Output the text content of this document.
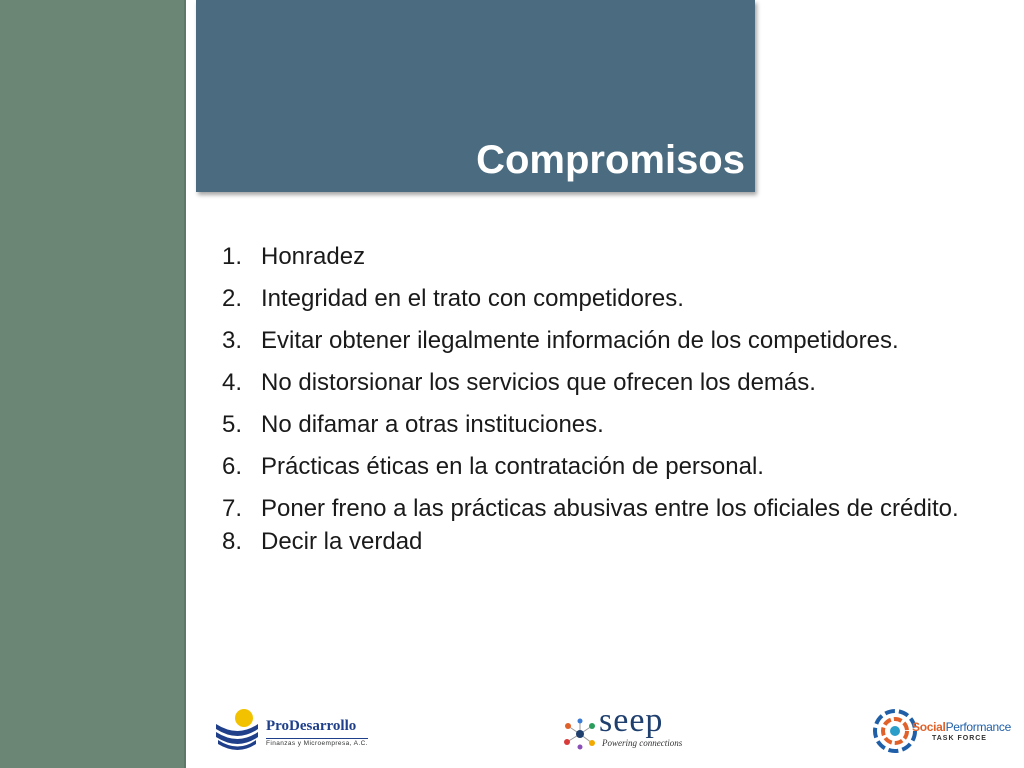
Compromisos
1. Honradez
2. Integridad en el trato con competidores.
3. Evitar obtener ilegalmente información de los competidores.
4. No distorsionar los servicios que ofrecen los demás.
5. No difamar a otras instituciones.
6. Prácticas éticas en la contratación de personal.
7. Poner freno a las prácticas abusivas entre los oficiales de crédito.
8. Decir la verdad
ProDesarrollo
Finanzas y Microempresa, A.C.
seep
Powering connections
SocialPerformance
TASK FORCE
